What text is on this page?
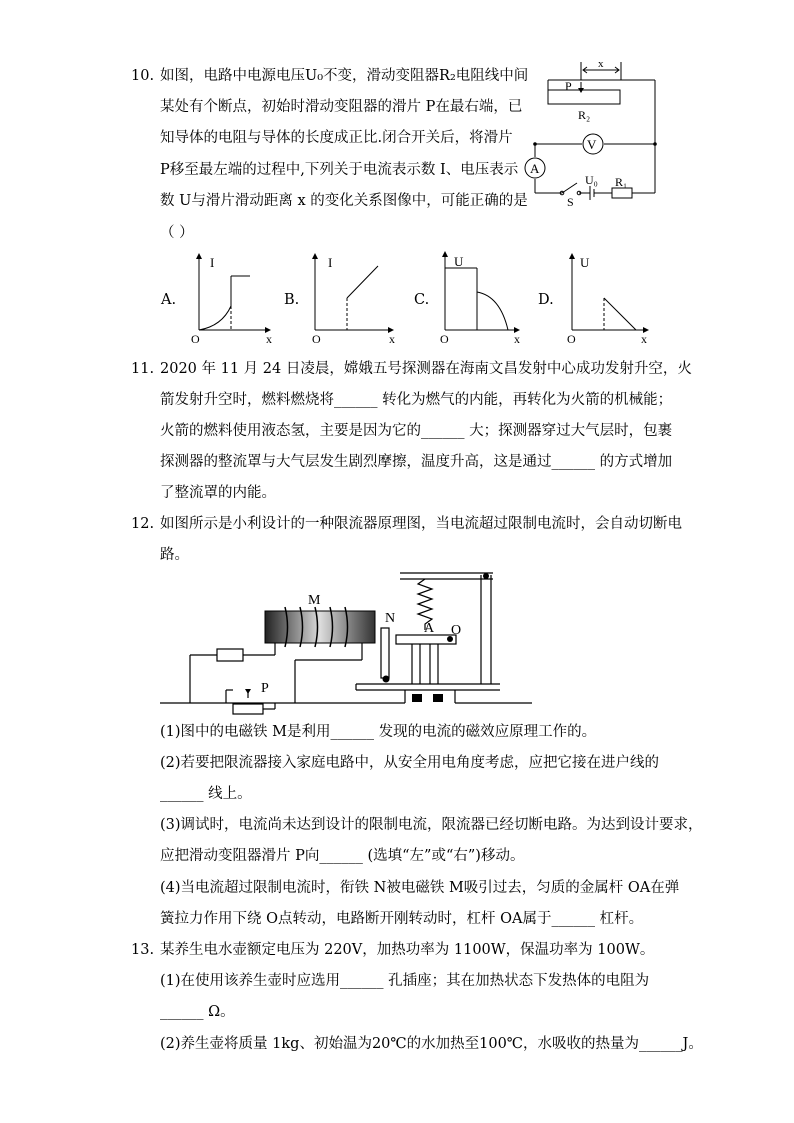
10. 如图，电路中电源电压U₀不变，滑动变阻器R₂电阻线中间
某处有个断点，初始时滑动变阻器的滑片 P在最右端，已
知导体的电阻与导体的长度成正比.闭合开关后，将滑片
P移至最左端的过程中,下列关于电流表示数 I、电压表示
数 U与滑片滑动距离 x 的变化关系图像中，可能正确的是
（ ）
x
P
R₂
V
A
U₀ R₁
S
A.	B.	C.	D.
I
x
O
I
x
O
U
x
O
U
x
O
11. 2020 年 11 月 24 日凌晨，嫦娥五号探测器在海南文昌发射中心成功发射升空，火
箭发射升空时，燃料燃烧将______ 转化为燃气的内能，再转化为火箭的机械能；
火箭的燃料使用液态氢，主要是因为它的______ 大；探测器穿过大气层时，包裹
探测器的整流罩与大气层发生剧烈摩擦，温度升高，这是通过______ 的方式增加
了整流罩的内能。
12. 如图所示是小利设计的一种限流器原理图，当电流超过限制电流时，会自动切断电
路。
M
N
A O
P
(1)图中的电磁铁 M是利用______ 发现的电流的磁效应原理工作的。
(2)若要把限流器接入家庭电路中，从安全用电角度考虑，应把它接在进户线的
______ 线上。
(3)调试时，电流尚未达到设计的限制电流，限流器已经切断电路。为达到设计要求，
应把滑动变阻器滑片 P向______ (选填“左”或“右”)移动。
(4)当电流超过限制电流时，衔铁 N被电磁铁 M吸引过去，匀质的金属杆 OA在弹
簧拉力作用下绕 O点转动，电路断开刚转动时，杠杆 OA属于______ 杠杆。
13. 某养生电水壶额定电压为 220V，加热功率为 1100W，保温功率为 100W。
(1)在使用该养生壶时应选用______ 孔插座；其在加热状态下发热体的电阻为
______ Ω。
(2)养生壶将质量 1kg、初始温为20℃的水加热至100℃，水吸收的热量为______J。
